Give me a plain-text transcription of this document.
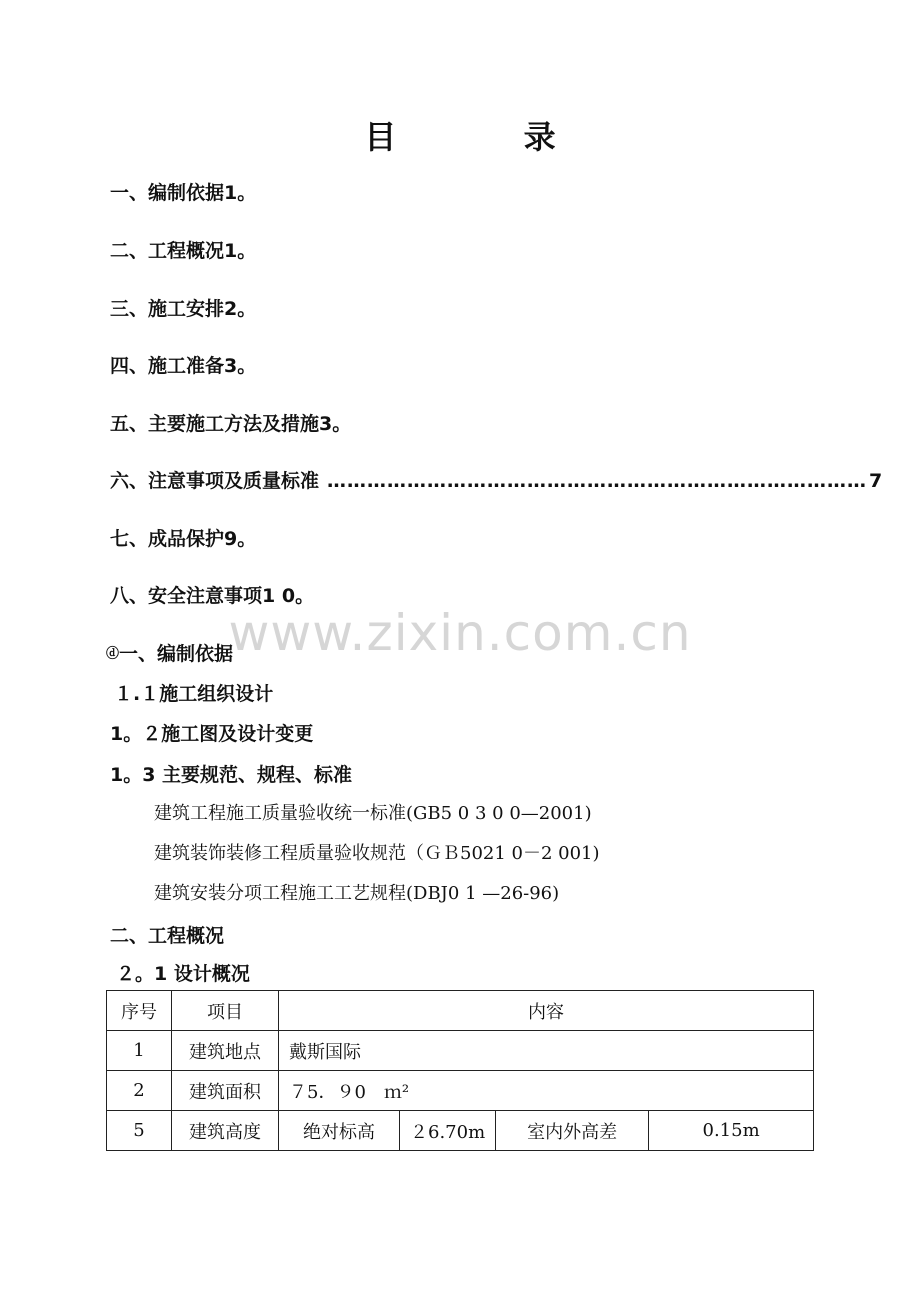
目 录
一、编制依据 1 。
二、工程概况 1 。
三、施工安排 2 。
四、施工准备 3 。
五、主要施工方法及措施 3 。
六、注意事项及质量标准 ……………………………………………………………………… 7
七、成品保护 9 。
八、安全注意事项 1 0 。
www.zixin.com.cn
ⓓ一、编制依据
１.１施工组织设计
1。２施工图及设计变更
1。3 主要规范、规程、标准
建筑工程施工质量验收统一标准(GB5 0 3 0 0—2001)
建筑装饰装修工程质量验收规范（ＧＢ5021 0－2 001)
建筑安装分项工程施工工艺规程(DBJ0 1 —26-96)
二、工程概况
２。1 设计概况
序号	项目	内容			
1	建筑地点	戴斯国际			
2	建筑面积	７5．９0　ｍ²			
5	建筑高度	绝对标高	２6.70m	室内外高差	0.15m
